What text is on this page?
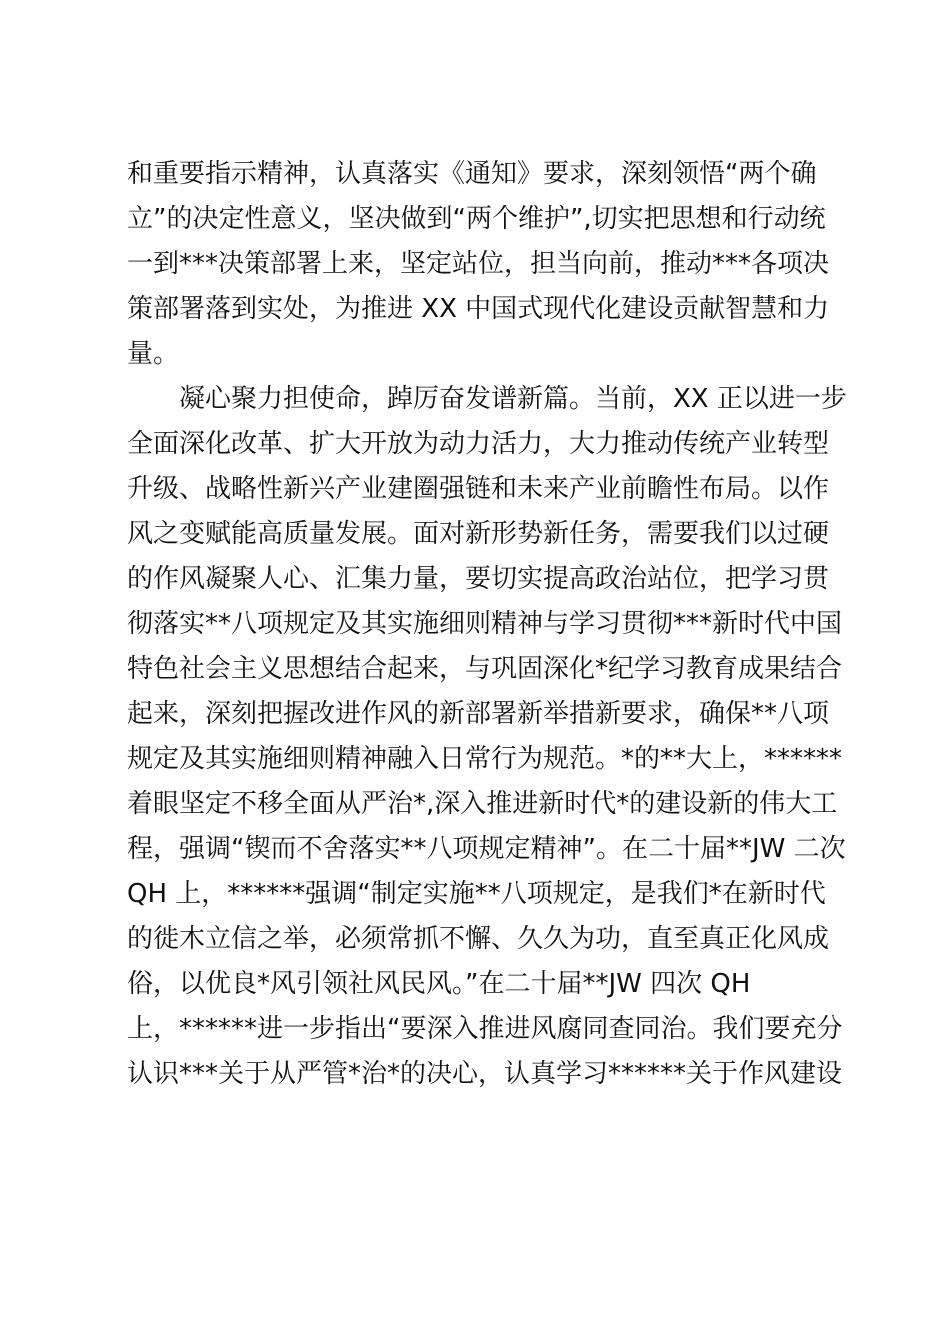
和重要指示精神，认真落实《通知》要求，深刻领悟“两个确
立”的决定性意义，坚决做到“两个维护”,切实把思想和行动统
一到***决策部署上来，坚定站位，担当向前，推动***各项决
策部署落到实处，为推进 XX 中国式现代化建设贡献智慧和力
量。
　　凝心聚力担使命，踔厉奋发谱新篇。当前，XX 正以进一步
全面深化改革、扩大开放为动力活力，大力推动传统产业转型
升级、战略性新兴产业建圈强链和未来产业前瞻性布局。以作
风之变赋能高质量发展。面对新形势新任务，需要我们以过硬
的作风凝聚人心、汇集力量，要切实提高政治站位，把学习贯
彻落实**八项规定及其实施细则精神与学习贯彻***新时代中国
特色社会主义思想结合起来，与巩固深化*纪学习教育成果结合
起来，深刻把握改进作风的新部署新举措新要求，确保**八项
规定及其实施细则精神融入日常行为规范。*的**大上，******
着眼坚定不移全面从严治*,深入推进新时代*的建设新的伟大工
程，强调“锲而不舍落实**八项规定精神”。在二十届**JW 二次
QH 上，******强调“制定实施**八项规定，是我们*在新时代
的徙木立信之举，必须常抓不懈、久久为功，直至真正化风成
俗，以优良*风引领社风民风。”在二十届**JW 四次 QH
上，******进一步指出“要深入推进风腐同查同治。我们要充分
认识***关于从严管*治*的决心，认真学习******关于作风建设
